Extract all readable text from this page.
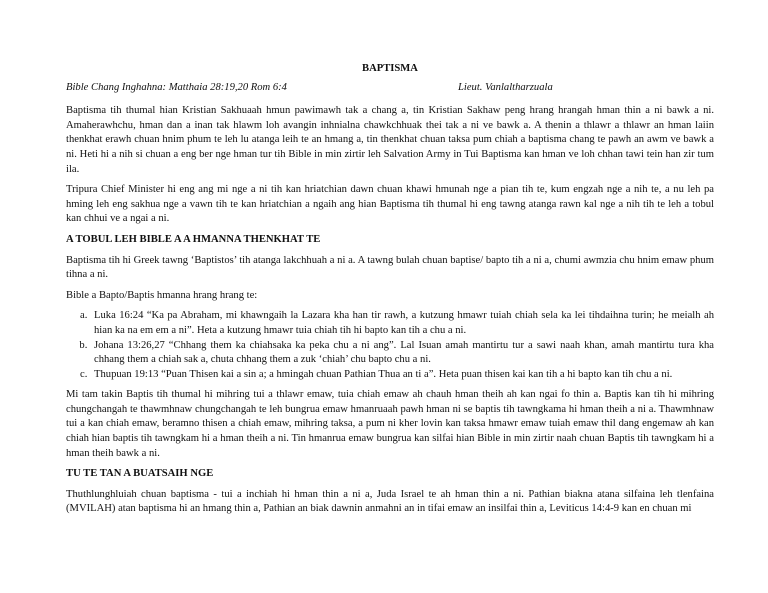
BAPTISMA
Bible Chang Inghahna: Matthaia 28:19,20 Rom 6:4	Lieut. Vanlaltharzuala

Baptisma tih thumal hian Kristian Sakhuaah hmun pawimawh tak a chang a, tin Kristian Sakhaw peng hrang hrangah hman thin a ni bawk a ni. Amaherawhchu, hman dan a inan tak hlawm loh avangin inhnialna chawkchhuak thei tak a ni ve bawk a. A thenin a thlawr a thlawr an hman laiin thenkhat erawh chuan hnim phum te leh lu atanga leih te an hmang a, tin thenkhat chuan taksa pum chiah a baptisma chang te pawh an awm ve bawk a ni. Heti hi a nih si chuan a eng ber nge hman tur tih Bible in min zirtir leh Salvation Army in Tui Baptisma kan hman ve loh chhan tawi tein han zir tum ila.

Tripura Chief Minister hi eng ang mi nge a ni tih kan hriatchian dawn chuan khawi hmunah nge a pian tih te, kum engzah nge a nih te, a nu leh pa hming leh eng sakhua nge a vawn tih te kan hriatchian a ngaih ang hian Baptisma tih thumal hi eng tawng atanga rawn kal nge a nih tih te leh a tobul kan chhui ve a ngai a ni.

A TOBUL LEH BIBLE A A HMANNA THENKHAT TE

Baptisma tih hi Greek tawng ‘Baptistos’ tih atanga lakchhuah a ni a. A tawng bulah chuan baptise/ bapto tih a ni a, chumi awmzia chu hnim emaw phum tihna a ni.

Bible a Bapto/Baptis hmanna hrang hrang te:

a. Luka 16:24 “Ka pa Abraham, mi khawngaih la Lazara kha han tir rawh, a kutzung hmawr tuiah chiah sela ka lei tihdaihna turin; he meialh ah hian ka na em em a ni”. Heta a kutzung hmawr tuia chiah tih hi bapto kan tih a chu a ni.
b. Johana 13:26,27 “Chhang them ka chiahsaka ka peka chu a ni ang”. Lal Isuan amah mantirtu tur a sawi naah khan, amah mantirtu tura kha chhang them a chiah sak a, chuta chhang them a zuk ‘chiah’ chu bapto chu a ni.
c. Thupuan 19:13 “Puan Thisen kai a sin a; a hmingah chuan Pathian Thua an ti a”. Heta puan thisen kai kan tih a hi bapto kan tih chu a ni.

Mi tam takin Baptis tih thumal hi mihring tui a thlawr emaw, tuia chiah emaw ah chauh hman theih ah kan ngai fo thin a. Baptis kan tih hi mihring chungchangah te thawmhnaw chungchangah te leh bungrua emaw hmanruaah pawh hman ni se baptis tih tawngkama hi hman theih a ni a. Thawmhnaw tui a kan chiah emaw, beramno thisen a chiah emaw, mihring taksa, a pum ni kher lovin kan taksa hmawr emaw tuiah emaw thil dang engemaw ah kan chiah hian baptis tih tawngkam hi a hman theih a ni. Tin hmanrua emaw bungrua kan silfai hian Bible in min zirtir naah chuan Baptis tih tawngkam hi a hman theih bawk a ni.

TU TE TAN A BUATSAIH NGE

Thuthlunghluiah chuan baptisma - tui a inchiah hi hman thin a ni a, Juda Israel te ah hman thin a ni. Pathian biakna atana silfaina leh tlenfaina (MVILAH) atan baptisma hi an hmang thin a, Pathian an biak dawnin anmahni an in tifai emaw an insilfai thin a, Leviticus 14:4-9 kan en chuan mi
